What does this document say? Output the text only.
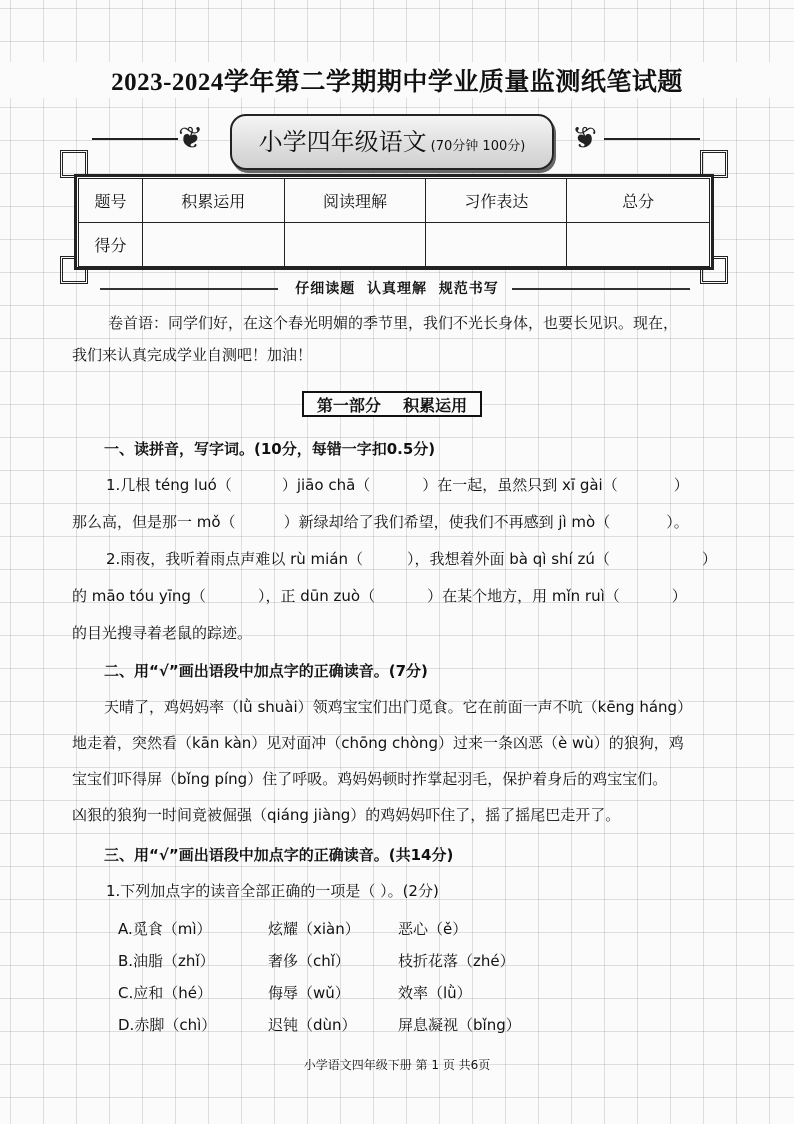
2023-2024学年第二学期期中学业质量监测纸笔试题
❦	❦
小学四年级语文 (70分钟 100分)
题号	积累运用	阅读理解	习作表达	总分
得分				
仔细读题  认真理解  规范书写
卷首语：同学们好，在这个春光明媚的季节里，我们不光长身体，也要长见识。现在，
我们来认真完成学业自测吧！加油！
第一部分    积累运用
一、读拼音，写字词。(10分，每错一字扣0.5分)
1.几根 téng luó（	）jiāo chā（	）在一起，虽然只到 xī gài（	）
那么高，但是那一 mǒ（	）新绿却给了我们希望，使我们不再感到 jì mò（	）。
2.雨夜，我听着雨点声难以 rù mián（	），我想着外面 bà qì shí zú（	）
的 māo tóu yīng（	），正 dūn zuò（	）在某个地方，用 mǐn ruì（	）
的目光搜寻着老鼠的踪迹。
二、用“√”画出语段中加点字的正确读音。(7分)
天晴了，鸡妈妈率（lǜ shuài）领鸡宝宝们出门觅食。它在前面一声不吭（kēng háng）
地走着，突然看（kān kàn）见对面冲（chōng chòng）过来一条凶恶（è wù）的狼狗，鸡
宝宝们吓得屏（bǐng píng）住了呼吸。鸡妈妈顿时拃掌起羽毛，保护着身后的鸡宝宝们。
凶狠的狼狗一时间竟被倔强（qiáng jiàng）的鸡妈妈吓住了，摇了摇尾巴走开了。
三、用“√”画出语段中加点字的正确读音。(共14分)
1.下列加点字的读音全部正确的一项是（ ）。(2分)
A.觅食（mì）	炫耀（xiàn）	恶心（ě）
B.油脂（zhǐ）	奢侈（chǐ）	枝折花落（zhé）
C.应和（hé）	侮辱（wǔ）	效率（lǜ）
D.赤脚（chì）	迟钝（dùn）	屏息凝视（bǐng）
小学语文四年级下册 第 1 页 共6页
